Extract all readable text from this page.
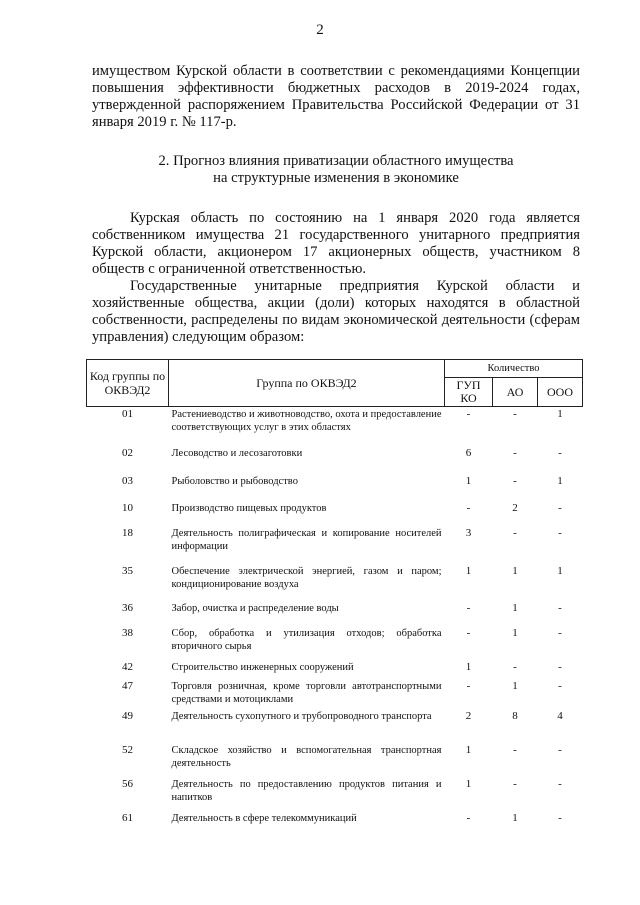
2

имуществом Курской области в соответствии с рекомендациями Концепции повышения эффективности бюджетных расходов в 2019-2024 годах, утвержденной распоряжением Правительства Российской Федерации от 31 января 2019 г. № 117-р.

2. Прогноз влияния приватизации областного имущества
на структурные изменения в экономике

Курская область по состоянию на 1 января 2020 года является собственником имущества 21 государственного унитарного предприятия Курской области, акционером 17 акционерных обществ, участником 8 обществ с ограниченной ответственностью.

Государственные унитарные предприятия Курской области и хозяйственные общества, акции (доли) которых находятся в областной собственности, распределены по видам экономической деятельности (сферам управления) следующим образом:

Код группы по ОКВЭД2	Группа по ОКВЭД2	Количество		
		ГУП КО	АО	ООО
01	Растениеводство и животноводство, охота и предоставление соответствующих услуг в этих областях	-	-	1
02	Лесоводство и лесозаготовки	6	-	-
03	Рыболовство и рыбоводство	1	-	1
10	Производство пищевых продуктов	-	2	-
18	Деятельность полиграфическая и копирование носителей информации	3	-	-
35	Обеспечение электрической энергией, газом и паром; кондиционирование воздуха	1	1	1
36	Забор, очистка и распределение воды	-	1	-
38	Сбор, обработка и утилизация отходов; обработка вторичного сырья	-	1	-
42	Строительство инженерных сооружений	1	-	-
47	Торговля розничная, кроме торговли автотранспортными средствами и мотоциклами	-	1	-
49	Деятельность сухопутного и трубопроводного транспорта	2	8	4
52	Складское хозяйство и вспомогательная транспортная деятельность	1	-	-
56	Деятельность по предоставлению продуктов питания и напитков	1	-	-
61	Деятельность в сфере телекоммуникаций	-	1	-
